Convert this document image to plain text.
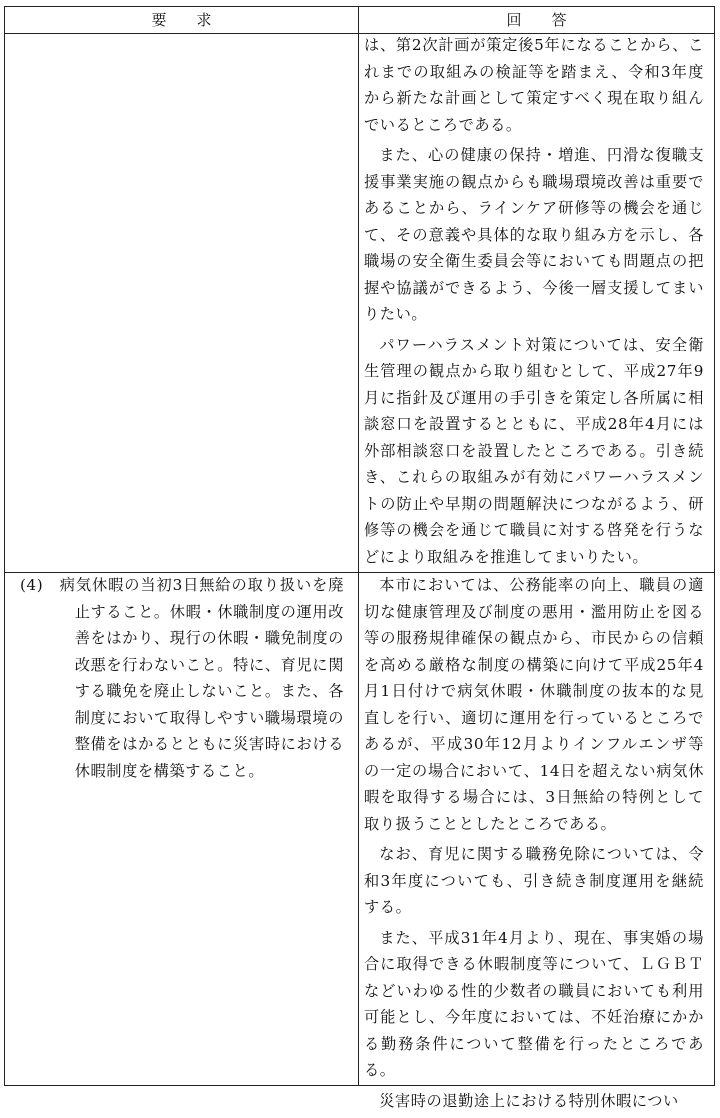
要　　求	回　　答

は、第2次計画が策定後5年になることから、これまでの取組みの検証等を踏まえ、令和3年度から新たな計画として策定すべく現在取り組んでいるところである。

また、心の健康の保持・増進、円滑な復職支援事業実施の観点からも職場環境改善は重要であることから、ラインケア研修等の機会を通じて、その意義や具体的な取り組み方を示し、各職場の安全衛生委員会等においても問題点の把握や協議ができるよう、今後一層支援してまいりたい。

パワーハラスメント対策については、安全衛生管理の観点から取り組むとして、平成27年9月に指針及び運用の手引きを策定し各所属に相談窓口を設置するとともに、平成28年4月には外部相談窓口を設置したところである。引き続き、これらの取組みが有効にパワーハラスメントの防止や早期の問題解決につながるよう、研修等の機会を通じて職員に対する啓発を行うなどにより取組みを推進してまいりたい。

(4)　病気休暇の当初3日無給の取り扱いを廃止すること。休暇・休職制度の運用改善をはかり、現行の休暇・職免制度の改悪を行わないこと。特に、育児に関する職免を廃止しないこと。また、各制度において取得しやすい職場環境の整備をはかるとともに災害時における休暇制度を構築すること。

本市においては、公務能率の向上、職員の適切な健康管理及び制度の悪用・濫用防止を図る等の服務規律確保の観点から、市民からの信頼を高める厳格な制度の構築に向けて平成25年4月1日付けで病気休暇・休職制度の抜本的な見直しを行い、適切に運用を行っているところであるが、平成30年12月よりインフルエンザ等の一定の場合において、14日を超えない病気休暇を取得する場合には、3日無給の特例として取り扱うこととしたところである。

なお、育児に関する職務免除については、令和3年度についても、引き続き制度運用を継続する。

また、平成31年4月より、現在、事実婚の場合に取得できる休暇制度等について、ＬＧＢＴなどいわゆる性的少数者の職員においても利用可能とし、今年度においては、不妊治療にかかる勤務条件について整備を行ったところである。

災害時の退勤途上における特別休暇につい
